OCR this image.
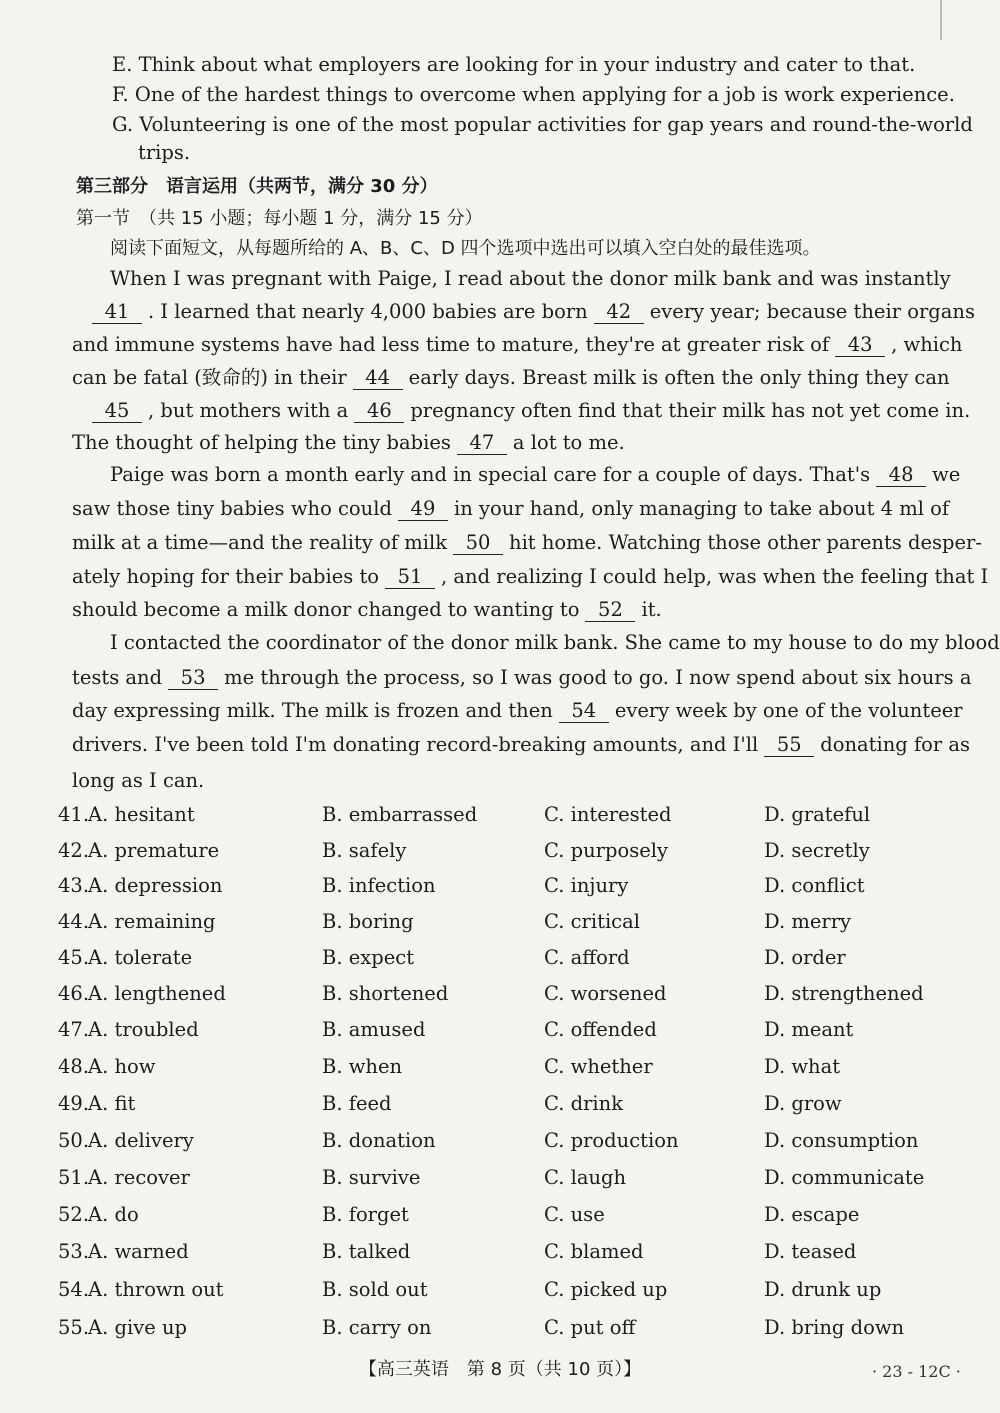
E. Think about what employers are looking for in your industry and cater to that.
F. One of the hardest things to overcome when applying for a job is work experience.
G. Volunteering is one of the most popular activities for gap years and round-the-world
trips.
第三部分　语言运用（共两节，满分 30 分）
第一节　（共 15 小题；每小题 1 分，满分 15 分）
阅读下面短文，从每题所给的 A、B、C、D 四个选项中选出可以填入空白处的最佳选项。
When I was pregnant with Paige, I read about the donor milk bank and was instantly
41 . I learned that nearly 4,000 babies are born 42 every year; because their organs
and immune systems have had less time to mature, they're at greater risk of 43 , which
can be fatal (致命的) in their 44 early days. Breast milk is often the only thing they can
45 , but mothers with a 46 pregnancy often find that their milk has not yet come in.
The thought of helping the tiny babies 47 a lot to me.
Paige was born a month early and in special care for a couple of days. That's 48 we
saw those tiny babies who could 49 in your hand, only managing to take about 4 ml of
milk at a time—and the reality of milk 50 hit home. Watching those other parents desper-
ately hoping for their babies to 51 , and realizing I could help, was when the feeling that I
should become a milk donor changed to wanting to 52 it.
I contacted the coordinator of the donor milk bank. She came to my house to do my blood
tests and 53 me through the process, so I was good to go. I now spend about six hours a
day expressing milk. The milk is frozen and then 54 every week by one of the volunteer
drivers. I've been told I'm donating record-breaking amounts, and I'll 55 donating for as
long as I can.
41.A. hesitant	B. embarrassed	C. interested	D. grateful
42.A. premature	B. safely	C. purposely	D. secretly
43.A. depression	B. infection	C. injury	D. conflict
44.A. remaining	B. boring	C. critical	D. merry
45.A. tolerate	B. expect	C. afford	D. order
46.A. lengthened	B. shortened	C. worsened	D. strengthened
47.A. troubled	B. amused	C. offended	D. meant
48.A. how	B. when	C. whether	D. what
49.A. fit	B. feed	C. drink	D. grow
50.A. delivery	B. donation	C. production	D. consumption
51.A. recover	B. survive	C. laugh	D. communicate
52.A. do	B. forget	C. use	D. escape
53.A. warned	B. talked	C. blamed	D. teased
54.A. thrown out	B. sold out	C. picked up	D. drunk up
55.A. give up	B. carry on	C. put off	D. bring down
【高三英语　第 8 页（共 10 页）】	· 23 - 12C ·
